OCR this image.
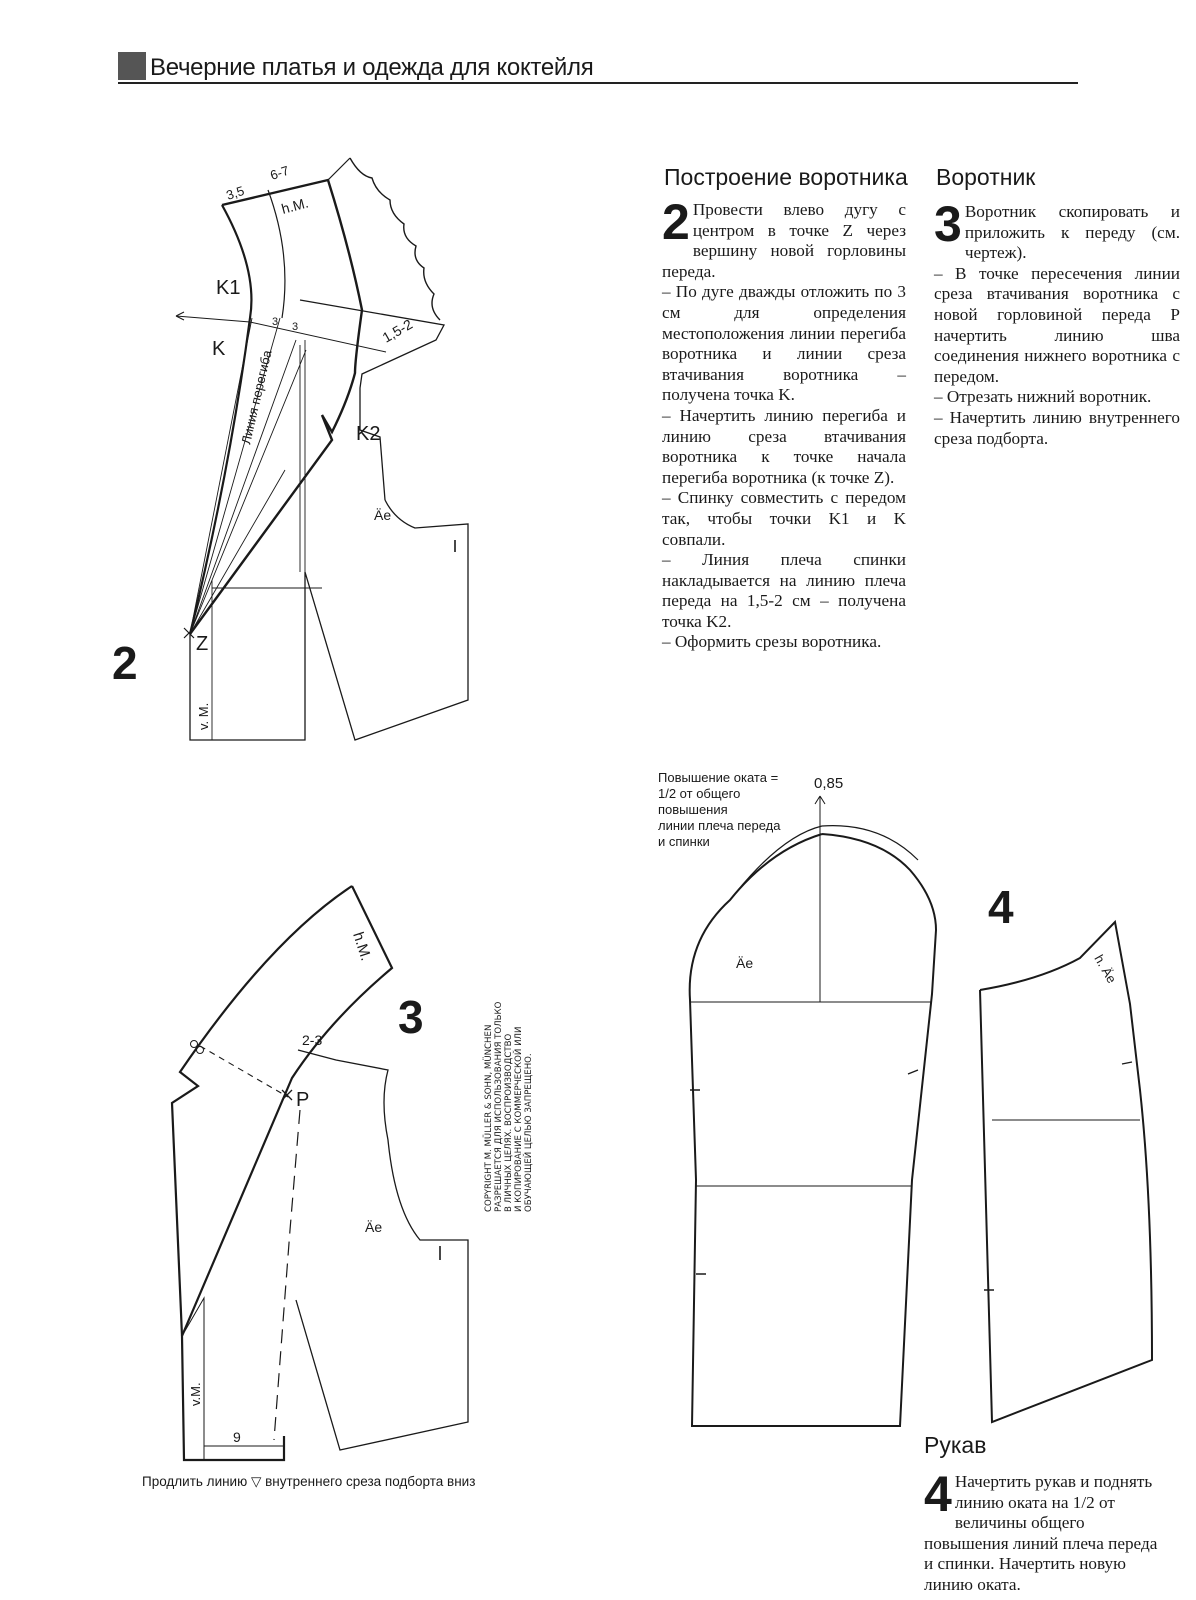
Вечерние платья и одежда для коктейля
3,5
6-7
h.M.
K1
K Линия перегиба
3 3	1,5-2
K2
Äe
Z
v. M.
h.M.
2-3
P
Äe
v.M.
9
0,85
Äe	h. Äe
2
3
4
Повышение оката =
1/2 от общего
повышения
линии плеча переда
и спинки
Продлить линию ▽ внутреннего среза подборта вниз
COPYRIGHT M. MÜLLER & SOHN, MÜNCHEN РАЗРЕШАЕТСЯ ДЛЯ ИСПОЛЬЗОВАНИЯ ТОЛЬКО В ЛИЧНЫХ ЦЕЛЯХ. ВОСПРОИЗВОДСТВО И КОПИРОВАНИЕ С КОММЕРЧЕСКОЙ ИЛИ ОБУЧАЮЩЕЙ ЦЕЛЬЮ ЗАПРЕЩЕНО.
Построение воротника

2 Провести влево дугу с центром в точке Z через вершину новой горловины переда.

– По дуге дважды отложить по 3 см для определения местоположения линии перегиба воротника и линии среза втачивания воротника – получена точка K.

– Начертить линию перегиба и линию среза втачивания воротника к точке начала перегиба воротника (к точке Z).

– Спинку совместить с передом так, чтобы точки K1 и K совпали.

– Линия плеча спинки накладывается на линию плеча переда на 1,5-2 см – получена точка K2.

– Оформить срезы воротника.

Воротник

3 Воротник скопировать и приложить к переду (см. чертеж).

– В точке пересечения линии среза втачивания воротника с новой горловиной переда P начертить линию шва соединения нижнего воротника с передом.

– Отрезать нижний воротник.

– Начертить линию внутреннего среза подборта.

Рукав

4 Начертить рукав и поднять линию оката на 1/2 от величины общего повышения линий плеча переда и спинки. Начертить новую линию оката.
